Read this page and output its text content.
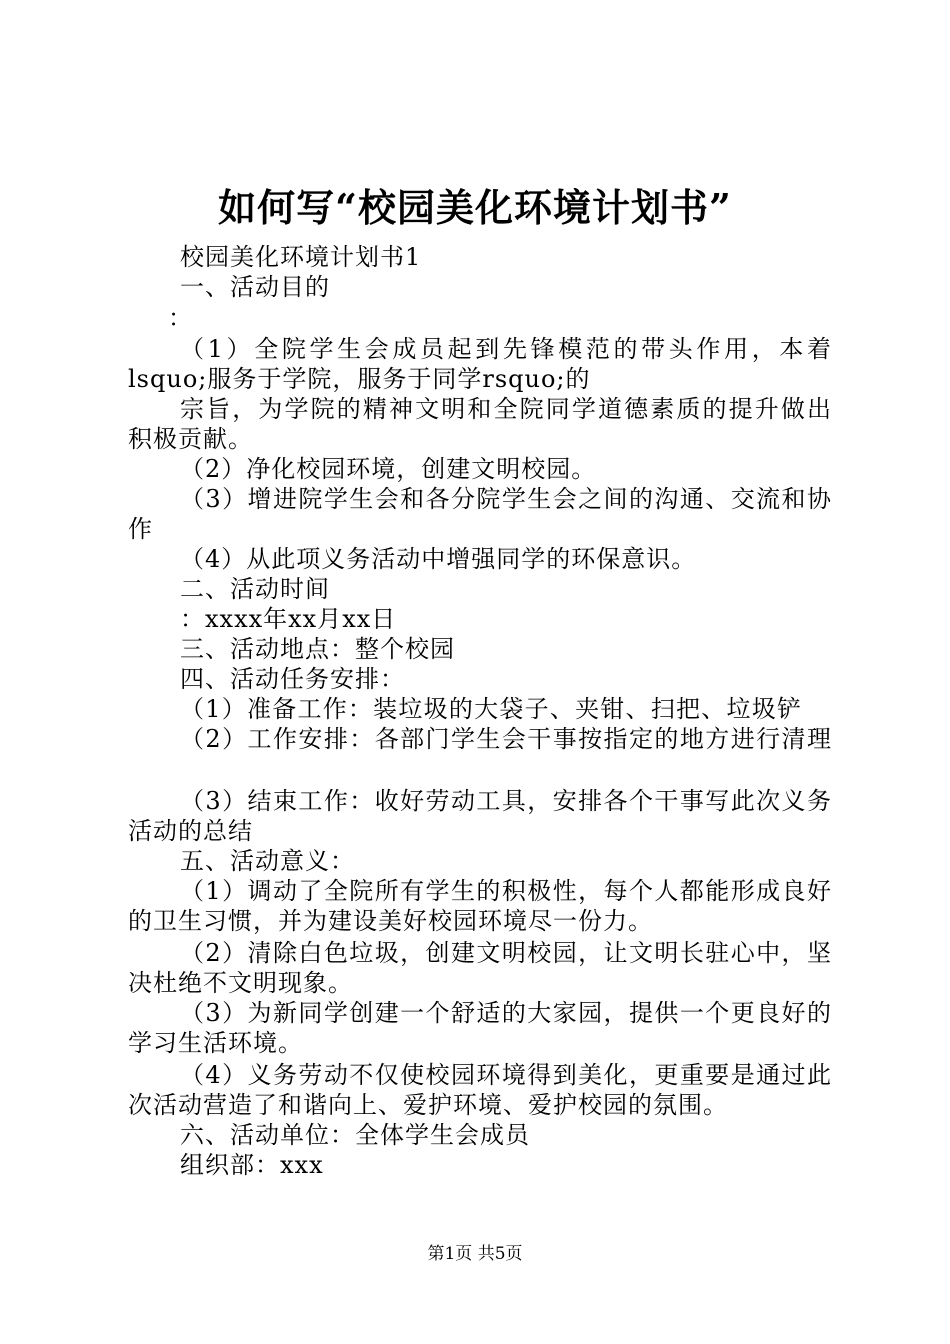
如何写“校园美化环境计划书”
校园美化环境计划书1
一、活动目的
：
（1）全院学生会成员起到先锋模范的带头作用，本着
lsquo;服务于学院，服务于同学rsquo;的
宗旨，为学院的精神文明和全院同学道德素质的提升做出
积极贡献。
（2）净化校园环境，创建文明校园。
（3）增进院学生会和各分院学生会之间的沟通、交流和协
作
（4）从此项义务活动中增强同学的环保意识。
二、活动时间
：xxxx年xx月xx日
三、活动地点：整个校园
四、活动任务安排：
（1）准备工作：装垃圾的大袋子、夹钳、扫把、垃圾铲
（2）工作安排：各部门学生会干事按指定的地方进行清理
（3）结束工作：收好劳动工具，安排各个干事写此次义务
活动的总结
五、活动意义：
（1）调动了全院所有学生的积极性，每个人都能形成良好
的卫生习惯，并为建设美好校园环境尽一份力。
（2）清除白色垃圾，创建文明校园，让文明长驻心中，坚
决杜绝不文明现象。
（3）为新同学创建一个舒适的大家园，提供一个更良好的
学习生活环境。
（4）义务劳动不仅使校园环境得到美化，更重要是通过此
次活动营造了和谐向上、爱护环境、爱护校园的氛围。
六、活动单位：全体学生会成员
组织部：xxx
第1页 共5页
